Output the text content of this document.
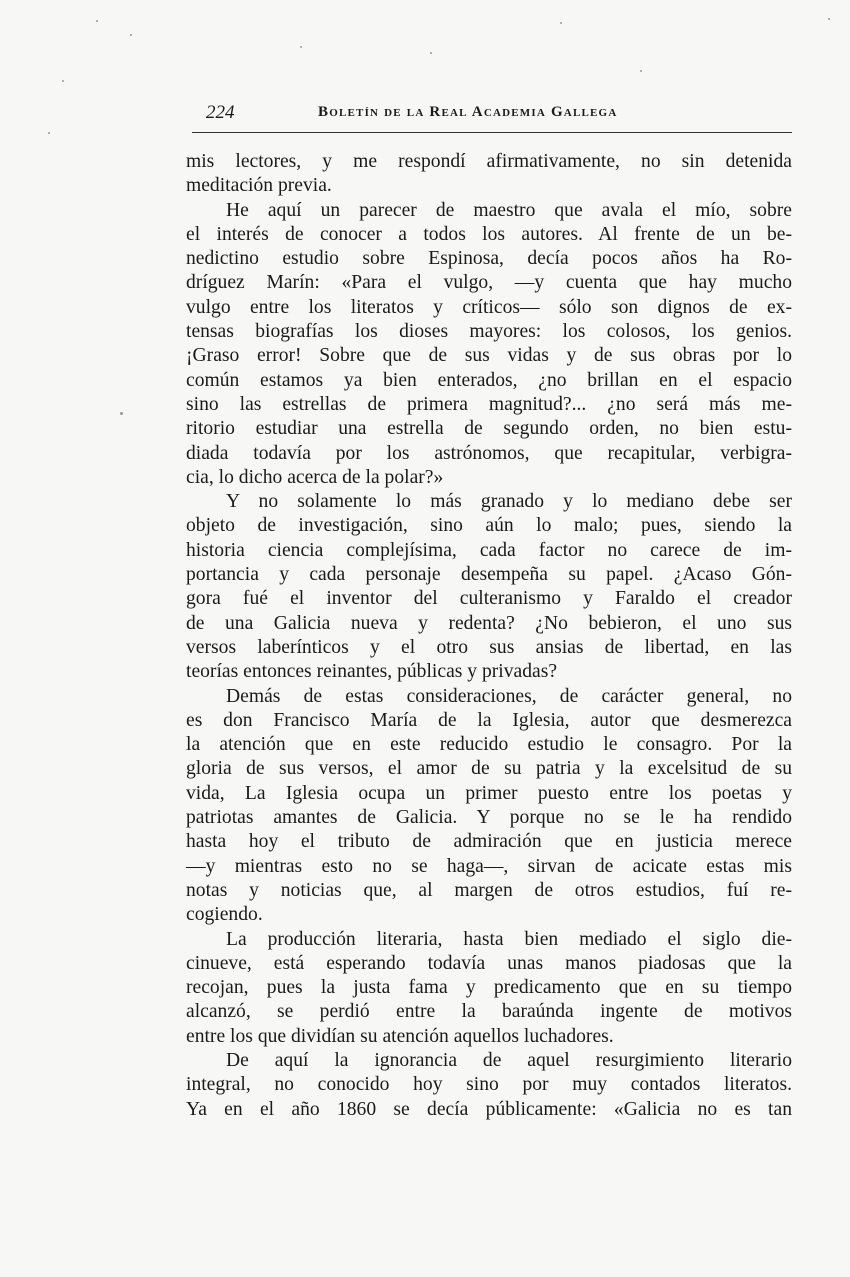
224	Boletín de la Real Academia Gallega
mis lectores, y me respondí afirmativamente, no sin detenida
meditación previa.
He aquí un parecer de maestro que avala el mío, sobre
el interés de conocer a todos los autores. Al frente de un be-
nedictino estudio sobre Espinosa, decía pocos años ha Ro-
dríguez Marín: «Para el vulgo, —y cuenta que hay mucho
vulgo entre los literatos y críticos— sólo son dignos de ex-
tensas biografías los dioses mayores: los colosos, los genios.
¡Graso error! Sobre que de sus vidas y de sus obras por lo
común estamos ya bien enterados, ¿no brillan en el espacio
sino las estrellas de primera magnitud?... ¿no será más me-
ritorio estudiar una estrella de segundo orden, no bien estu-
diada todavía por los astrónomos, que recapitular, verbigra-
cia, lo dicho acerca de la polar?»
Y no solamente lo más granado y lo mediano debe ser
objeto de investigación, sino aún lo malo; pues, siendo la
historia ciencia complejísima, cada factor no carece de im-
portancia y cada personaje desempeña su papel. ¿Acaso Gón-
gora fué el inventor del culteranismo y Faraldo el creador
de una Galicia nueva y redenta? ¿No bebieron, el uno sus
versos laberínticos y el otro sus ansias de libertad, en las
teorías entonces reinantes, públicas y privadas?
Demás de estas consideraciones, de carácter general, no
es don Francisco María de la Iglesia, autor que desmerezca
la atención que en este reducido estudio le consagro. Por la
gloria de sus versos, el amor de su patria y la excelsitud de su
vida, La Iglesia ocupa un primer puesto entre los poetas y
patriotas amantes de Galicia. Y porque no se le ha rendido
hasta hoy el tributo de admiración que en justicia merece
—y mientras esto no se haga—, sirvan de acicate estas mis
notas y noticias que, al margen de otros estudios, fuí re-
cogiendo.
La producción literaria, hasta bien mediado el siglo die-
cinueve, está esperando todavía unas manos piadosas que la
recojan, pues la justa fama y predicamento que en su tiempo
alcanzó, se perdió entre la baraúnda ingente de motivos
entre los que dividían su atención aquellos luchadores.
De aquí la ignorancia de aquel resurgimiento literario
integral, no conocido hoy sino por muy contados literatos.
Ya en el año 1860 se decía públicamente: «Galicia no es tan
